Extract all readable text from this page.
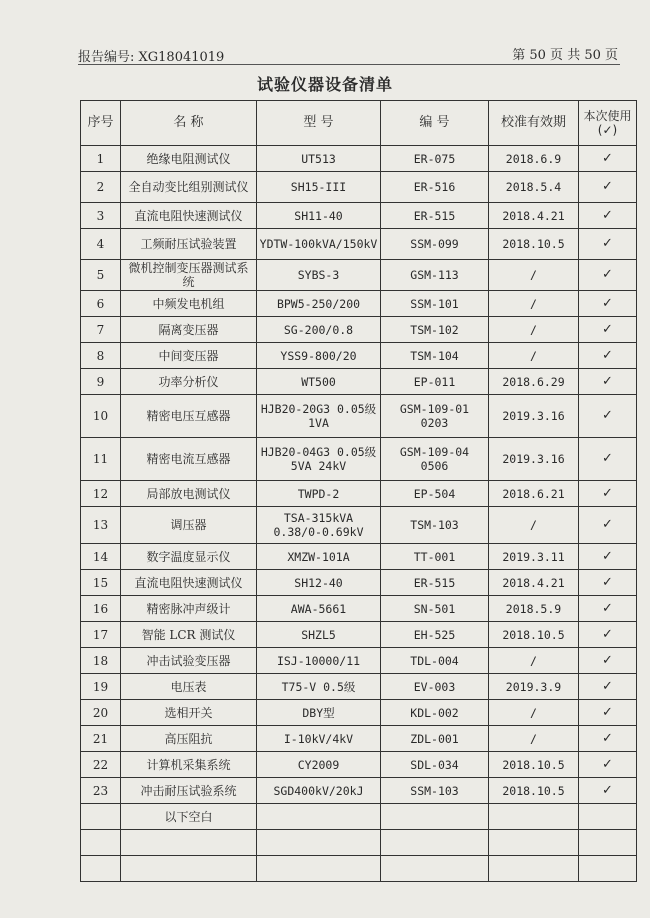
报告编号: XG18041019	第 50 页 共 50 页
试验仪器设备清单
序号	名 称	型 号	编 号	校准有效期	本次使用
(✓)

1	绝缘电阻测试仪	UT513	ER-075	2018.6.9	✓
2	全自动变比组别测试仪	SH15-III	ER-516	2018.5.4	✓
3	直流电阻快速测试仪	SH11-40	ER-515	2018.4.21	✓
4	工频耐压试验装置	YDTW-100kVA/150kV	SSM-099	2018.10.5	✓
5	微机控制变压器测试系统	SYBS-3	GSM-113	/	✓
6	中频发电机组	BPW5-250/200	SSM-101	/	✓
7	隔离变压器	SG-200/0.8	TSM-102	/	✓
8	中间变压器	YSS9-800/20	TSM-104	/	✓
9	功率分析仪	WT500	EP-011	2018.6.29	✓
10	精密电压互感器	HJB20-20G3 0.05级 1VA	GSM-109-01 0203	2019.3.16	✓
11	精密电流互感器	HJB20-04G3 0.05级 5VA 24kV	GSM-109-04 0506	2019.3.16	✓
12	局部放电测试仪	TWPD-2	EP-504	2018.6.21	✓
13	调压器	TSA-315kVA 0.38/0-0.69kV	TSM-103	/	✓
14	数字温度显示仪	XMZW-101A	TT-001	2019.3.11	✓
15	直流电阻快速测试仪	SH12-40	ER-515	2018.4.21	✓
16	精密脉冲声级计	AWA-5661	SN-501	2018.5.9	✓
17	智能 LCR 测试仪	SHZL5	EH-525	2018.10.5	✓
18	冲击试验变压器	ISJ-10000/11	TDL-004	/	✓
19	电压表	T75-V 0.5级	EV-003	2019.3.9	✓
20	选相开关	DBY型	KDL-002	/	✓
21	高压阻抗	I-10kV/4kV	ZDL-001	/	✓
22	计算机采集系统	CY2009	SDL-034	2018.10.5	✓
23	冲击耐压试验系统	SGD400kV/20kJ	SSM-103	2018.10.5	✓
	以下空白				
